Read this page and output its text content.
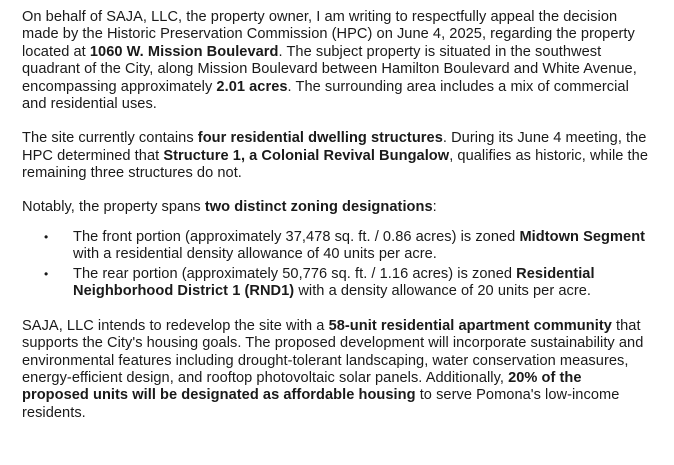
On behalf of SAJA, LLC, the property owner, I am writing to respectfully appeal the decision made by the Historic Preservation Commission (HPC) on June 4, 2025, regarding the property located at 1060 W. Mission Boulevard. The subject property is situated in the southwest quadrant of the City, along Mission Boulevard between Hamilton Boulevard and White Avenue, encompassing approximately 2.01 acres. The surrounding area includes a mix of commercial and residential uses.

The site currently contains four residential dwelling structures. During its June 4 meeting, the HPC determined that Structure 1, a Colonial Revival Bungalow, qualifies as historic, while the remaining three structures do not.

Notably, the property spans two distinct zoning designations:

• The front portion (approximately 37,478 sq. ft. / 0.86 acres) is zoned Midtown Segment with a residential density allowance of 40 units per acre.
• The rear portion (approximately 50,776 sq. ft. / 1.16 acres) is zoned Residential Neighborhood District 1 (RND1) with a density allowance of 20 units per acre.

SAJA, LLC intends to redevelop the site with a 58-unit residential apartment community that supports the City's housing goals. The proposed development will incorporate sustainability and environmental features including drought-tolerant landscaping, water conservation measures, energy-efficient design, and rooftop photovoltaic solar panels. Additionally, 20% of the proposed units will be designated as affordable housing to serve Pomona's low-income residents.
